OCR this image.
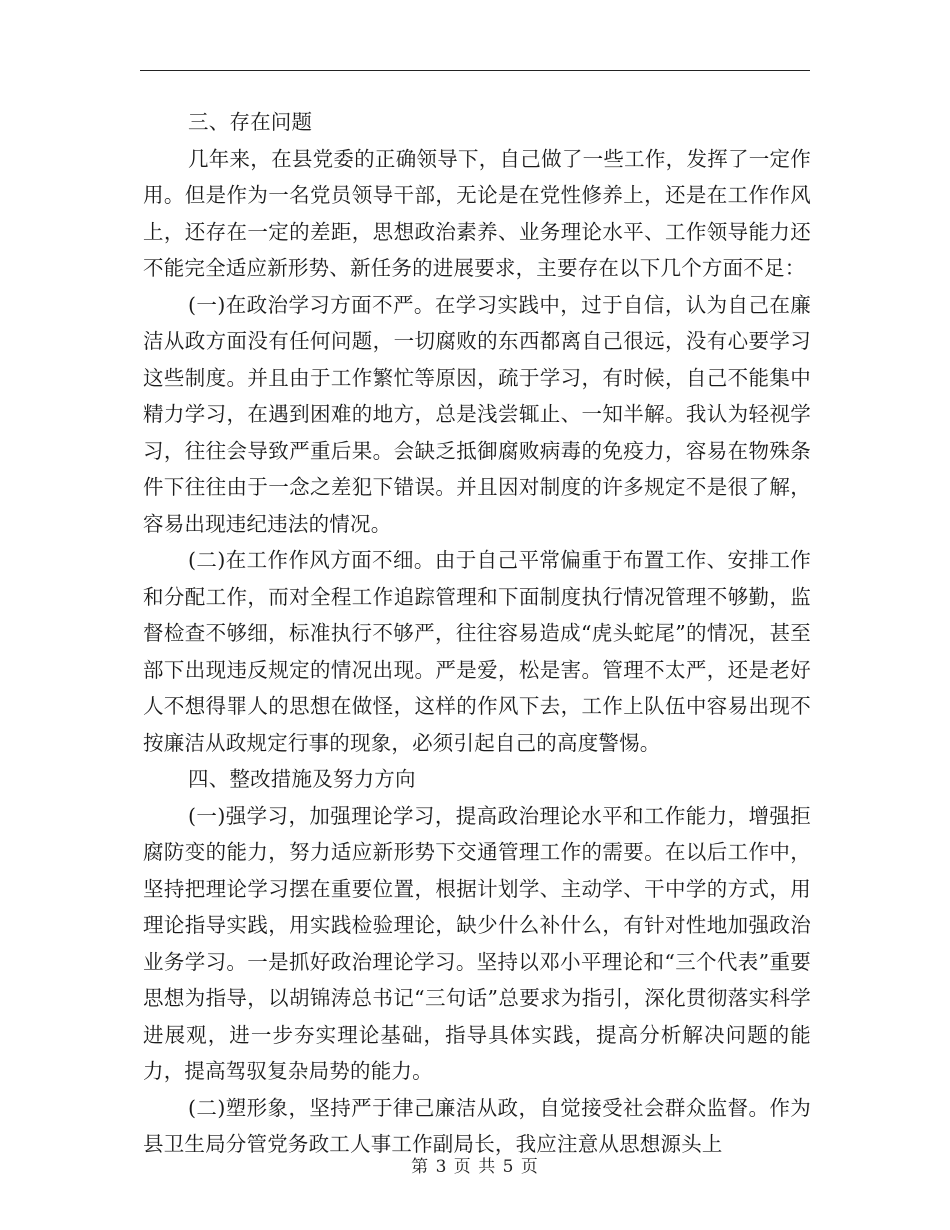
三、存在问题

几年来，在县党委的正确领导下，自己做了一些工作，发挥了一定作用。但是作为一名党员领导干部，无论是在党性修养上，还是在工作作风上，还存在一定的差距，思想政治素养、业务理论水平、工作领导能力还不能完全适应新形势、新任务的进展要求，主要存在以下几个方面不足：

(一)在政治学习方面不严。在学习实践中，过于自信，认为自己在廉洁从政方面没有任何问题，一切腐败的东西都离自己很远，没有心要学习这些制度。并且由于工作繁忙等原因，疏于学习，有时候，自己不能集中精力学习，在遇到困难的地方，总是浅尝辄止、一知半解。我认为轻视学习，往往会导致严重后果。会缺乏抵御腐败病毒的免疫力，容易在物殊条件下往往由于一念之差犯下错误。并且因对制度的许多规定不是很了解，容易出现违纪违法的情况。

(二)在工作作风方面不细。由于自己平常偏重于布置工作、安排工作和分配工作，而对全程工作追踪管理和下面制度执行情况管理不够勤，监督检查不够细，标准执行不够严，往往容易造成“虎头蛇尾”的情况，甚至部下出现违反规定的情况出现。严是爱，松是害。管理不太严，还是老好人不想得罪人的思想在做怪，这样的作风下去，工作上队伍中容易出现不按廉洁从政规定行事的现象，必须引起自己的高度警惕。

四、整改措施及努力方向

(一)强学习，加强理论学习，提高政治理论水平和工作能力，增强拒腐防变的能力，努力适应新形势下交通管理工作的需要。在以后工作中，坚持把理论学习摆在重要位置，根据计划学、主动学、干中学的方式，用理论指导实践，用实践检验理论，缺少什么补什么，有针对性地加强政治业务学习。一是抓好政治理论学习。坚持以邓小平理论和“三个代表”重要思想为指导，以胡锦涛总书记“三句话”总要求为指引，深化贯彻落实科学进展观，进一步夯实理论基础，指导具体实践，提高分析解决问题的能力，提高驾驭复杂局势的能力。

(二)塑形象，坚持严于律己廉洁从政，自觉接受社会群众监督。作为县卫生局分管党务政工人事工作副局长，我应注意从思想源头上

第 3 页 共 5 页
